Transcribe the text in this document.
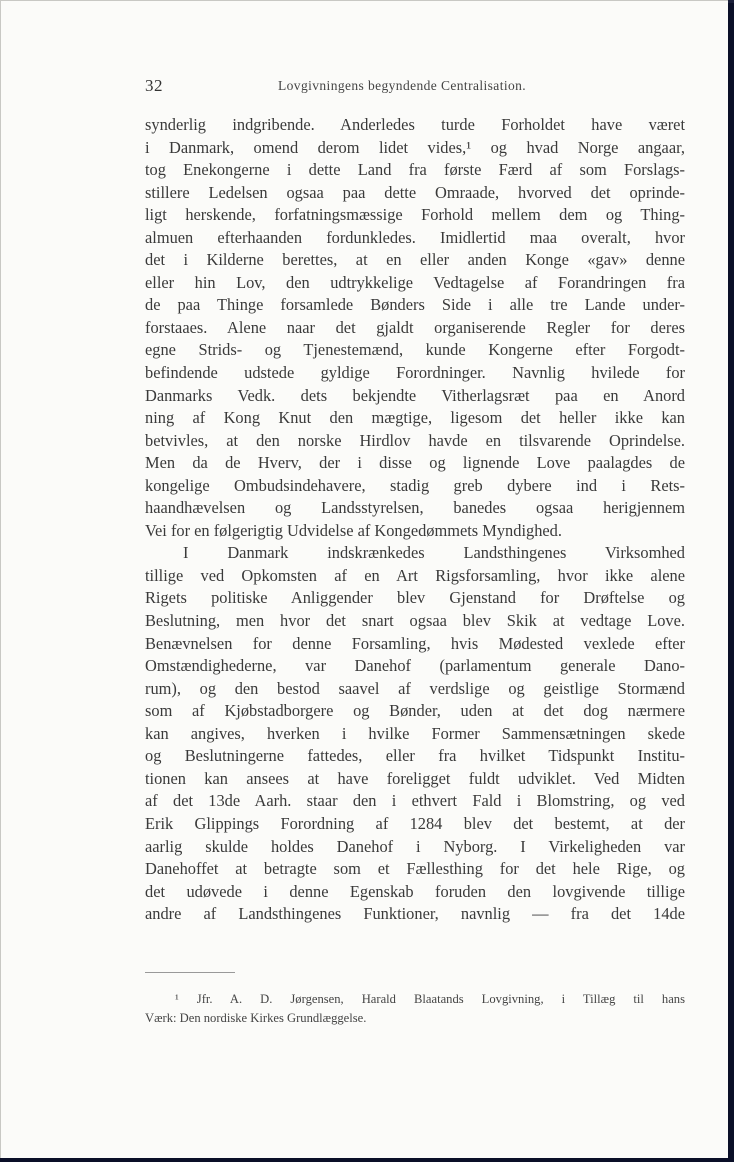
32	Lovgivningens begyndende Centralisation.
synderlig indgribende. Anderledes turde Forholdet have været
i Danmark, omend derom lidet vides,¹ og hvad Norge angaar,
tog Enekongerne i dette Land fra første Færd af som Forslags-
stillere Ledelsen ogsaa paa dette Omraade, hvorved det oprinde-
ligt herskende, forfatningsmæssige Forhold mellem dem og Thing-
almuen efterhaanden fordunkledes. Imidlertid maa overalt, hvor
det i Kilderne berettes, at en eller anden Konge «gav» denne
eller hin Lov, den udtrykkelige Vedtagelse af Forandringen fra
de paa Thinge forsamlede Bønders Side i alle tre Lande under-
forstaaes. Alene naar det gjaldt organiserende Regler for deres
egne Strids- og Tjenestemænd, kunde Kongerne efter Forgodt-
befindende udstede gyldige Forordninger. Navnlig hvilede for
Danmarks Vedk. dets bekjendte Vitherlagsræt paa en Anord
ning af Kong Knut den mægtige, ligesom det heller ikke kan
betvivles, at den norske Hirdlov havde en tilsvarende Oprindelse.
Men da de Hverv, der i disse og lignende Love paalagdes de
kongelige Ombudsindehavere, stadig greb dybere ind i Rets-
haandhævelsen og Landsstyrelsen, banedes ogsaa herigjennem
Vei for en følgerigtig Udvidelse af Kongedømmets Myndighed.
I Danmark indskrænkedes Landsthingenes Virksomhed
tillige ved Opkomsten af en Art Rigsforsamling, hvor ikke alene
Rigets politiske Anliggender blev Gjenstand for Drøftelse og
Beslutning, men hvor det snart ogsaa blev Skik at vedtage Love.
Benævnelsen for denne Forsamling, hvis Mødested vexlede efter
Omstændighederne, var Danehof (parlamentum generale Dano-
rum), og den bestod saavel af verdslige og geistlige Stormænd
som af Kjøbstadborgere og Bønder, uden at det dog nærmere
kan angives, hverken i hvilke Former Sammensætningen skede
og Beslutningerne fattedes, eller fra hvilket Tidspunkt Institu-
tionen kan ansees at have foreligget fuldt udviklet. Ved Midten
af det 13de Aarh. staar den i ethvert Fald i Blomstring, og ved
Erik Glippings Forordning af 1284 blev det bestemt, at der
aarlig skulde holdes Danehof i Nyborg. I Virkeligheden var
Danehoffet at betragte som et Fællesthing for det hele Rige, og
det udøvede i denne Egenskab foruden den lovgivende tillige
andre af Landsthingenes Funktioner, navnlig — fra det 14de
¹ Jfr. A. D. Jørgensen, Harald Blaatands Lovgivning, i Tillæg til hans
Værk: Den nordiske Kirkes Grundlæggelse.
